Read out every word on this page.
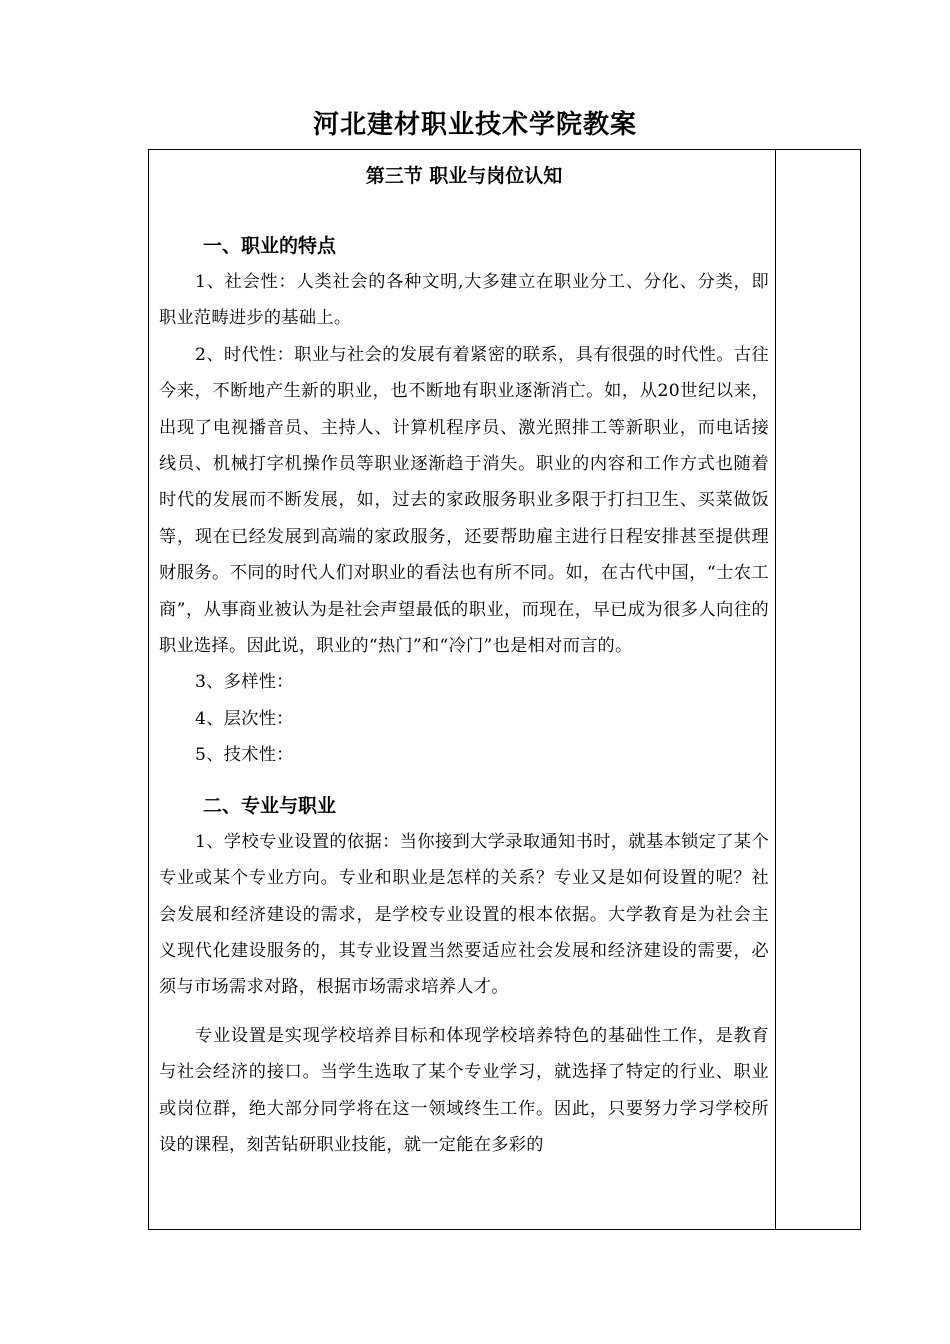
河北建材职业技术学院教案
第三节 职业与岗位认知
一、职业的特点

1、社会性：人类社会的各种文明,大多建立在职业分工、分化、分类，即职业范畴进步的基础上。

2、时代性：职业与社会的发展有着紧密的联系，具有很强的时代性。古往今来，不断地产生新的职业，也不断地有职业逐渐消亡。如，从20世纪以来，出现了电视播音员、主持人、计算机程序员、激光照排工等新职业，而电话接线员、机械打字机操作员等职业逐渐趋于消失。职业的内容和工作方式也随着时代的发展而不断发展，如，过去的家政服务职业多限于打扫卫生、买菜做饭等，现在已经发展到高端的家政服务，还要帮助雇主进行日程安排甚至提供理财服务。不同的时代人们对职业的看法也有所不同。如，在古代中国，“士农工商”，从事商业被认为是社会声望最低的职业，而现在，早已成为很多人向往的职业选择。因此说，职业的“热门”和“冷门”也是相对而言的。

3、多样性：

4、层次性：

5、技术性：

二、专业与职业

1、学校专业设置的依据：当你接到大学录取通知书时，就基本锁定了某个专业或某个专业方向。专业和职业是怎样的关系？专业又是如何设置的呢？社会发展和经济建设的需求，是学校专业设置的根本依据。大学教育是为社会主义现代化建设服务的，其专业设置当然要适应社会发展和经济建设的需要，必须与市场需求对路，根据市场需求培养人才。

专业设置是实现学校培养目标和体现学校培养特色的基础性工作，是教育与社会经济的接口。当学生选取了某个专业学习，就选择了特定的行业、职业或岗位群，绝大部分同学将在这一领域终生工作。因此，只要努力学习学校所设的课程，刻苦钻研职业技能，就一定能在多彩的
